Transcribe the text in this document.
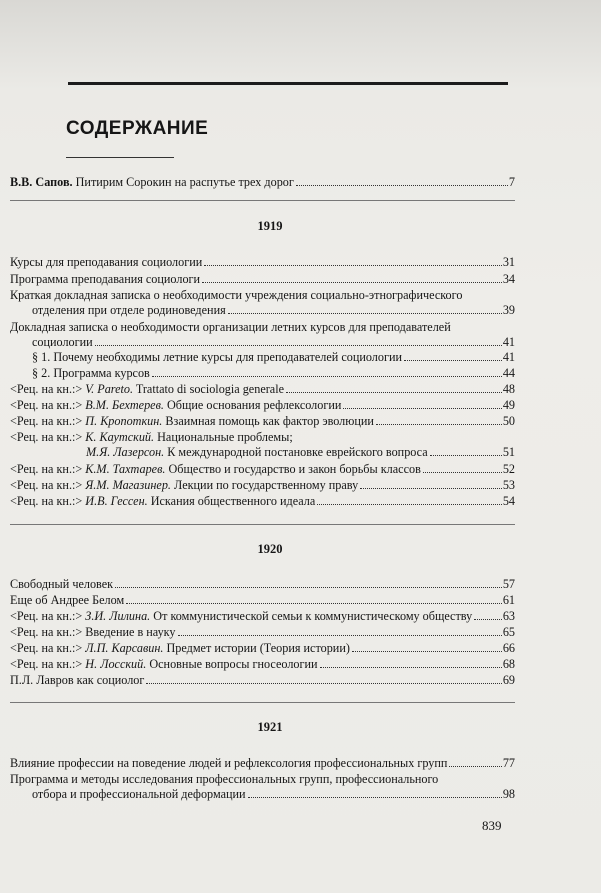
СОДЕРЖАНИЕ
В.В. Сапов. Питирим Сорокин на распутье трех дорог	7
1919
Курсы для преподавания социологии	31
Программа преподавания социологи	34
Краткая докладная записка о необходимости учреждения социально-этнографического
отделения при отделе родиноведения	39
Докладная записка о необходимости организации летних курсов для преподавателей
социологии	41
§ 1. Почему необходимы летние курсы для преподавателей социологии	41
§ 2. Программа курсов	44
<Рец. на кн.:> V. Pareto. Trattato di sociologia generale	48
<Рец. на кн.:> В.М. Бехтерев. Общие основания рефлексологии	49
<Рец. на кн.:> П. Кропоткин. Взаимная помощь как фактор эволюции	50
<Рец. на кн.:> К. Каутский. Национальные проблемы;
М.Я. Лазерсон. К международной постановке еврейского вопроса	51
<Рец. на кн.:> К.М. Тахтарев. Общество и государство и закон борьбы классов	52
<Рец. на кн.:> Я.М. Магазинер. Лекции по государственному праву	53
<Рец. на кн.:> И.В. Гессен. Искания общественного идеала	54
1920
Свободный человек	57
Еще об Андрее Белом	61
<Рец. на кн.:> З.И. Лилина. От коммунистической семьи к коммунистическому обществу	63
<Рец. на кн.:> Введение в науку	65
<Рец. на кн.:> Л.П. Карсавин. Предмет истории (Теория истории)	66
<Рец. на кн.:> Н. Лосский. Основные вопросы гносеологии	68
П.Л. Лавров как социолог	69
1921
Влияние профессии на поведение людей и рефлексология профессиональных групп	77
Программа и методы исследования профессиональных групп, профессионального
отбора и профессиональной деформации	98
839
